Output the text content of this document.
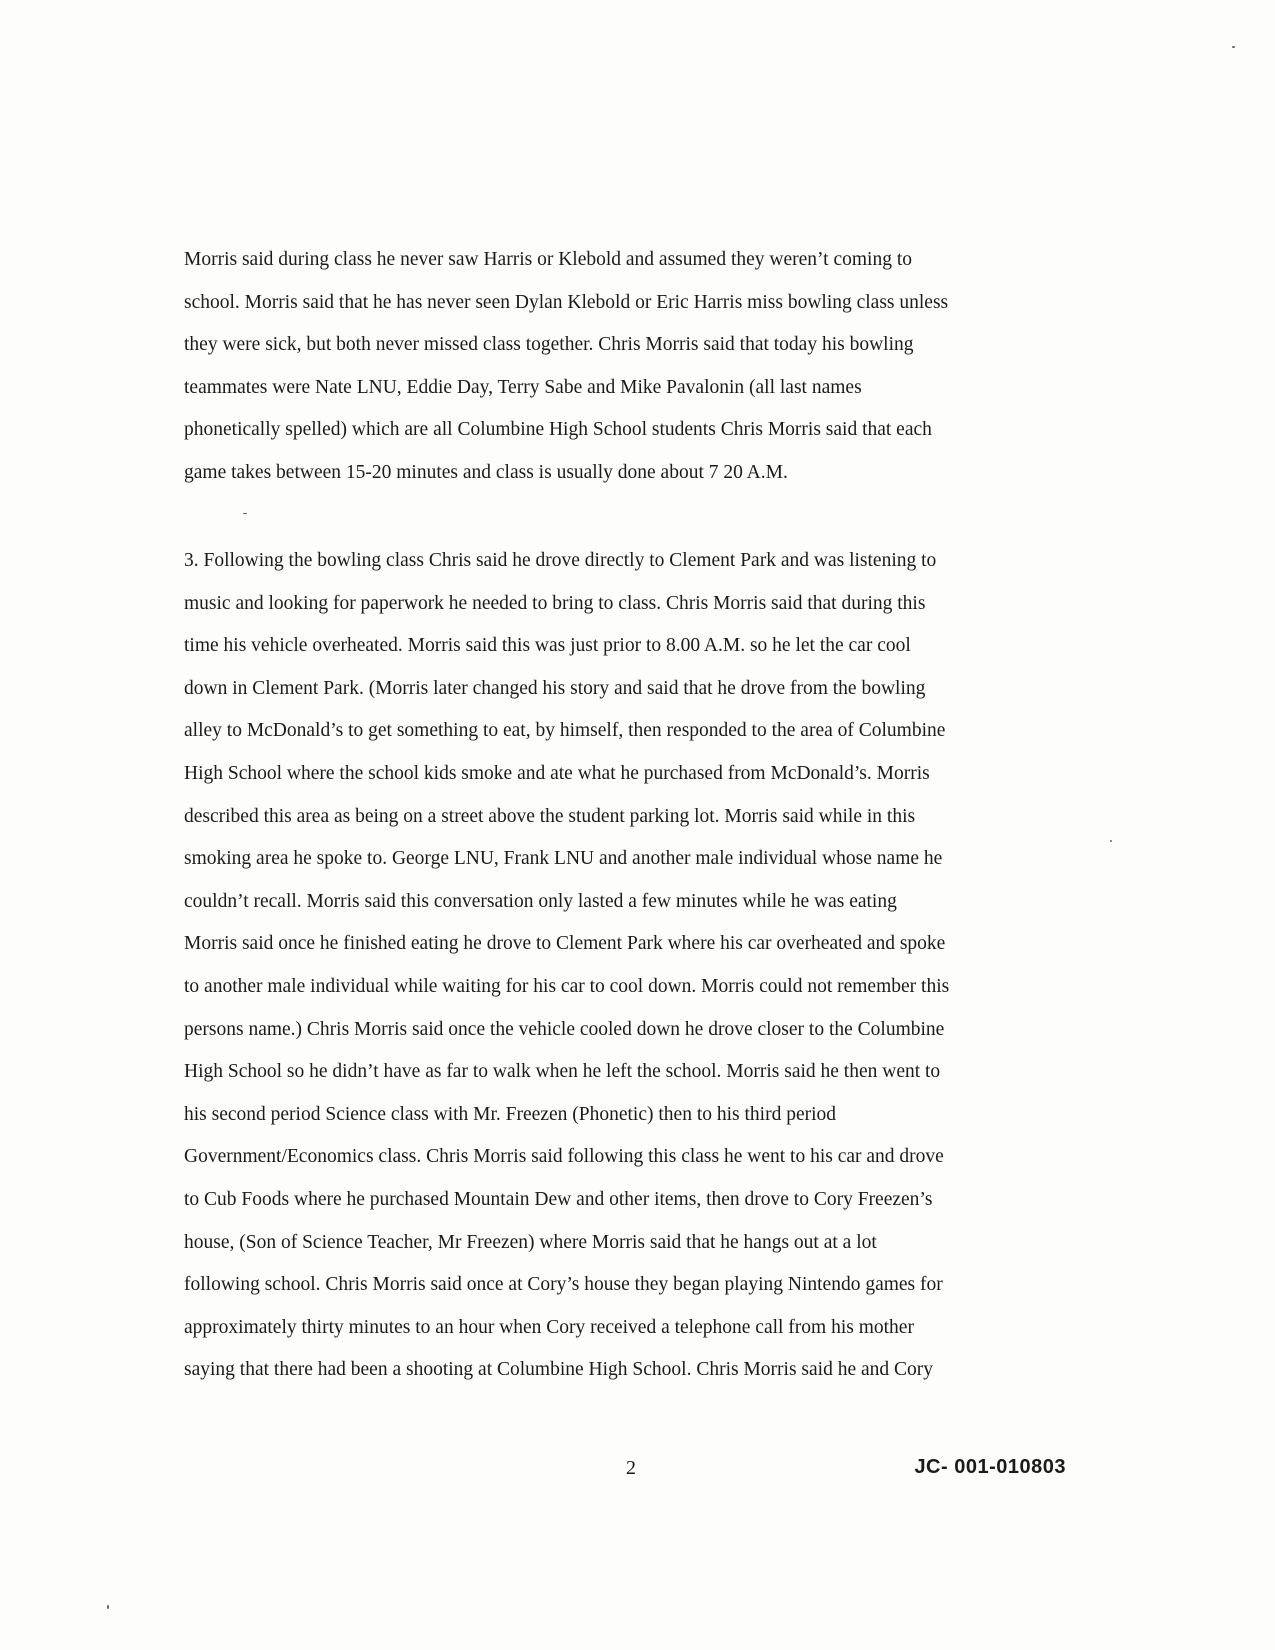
Morris said during class he never saw Harris or Klebold and assumed they weren’t coming to
school. Morris said that he has never seen Dylan Klebold or Eric Harris miss bowling class unless
they were sick, but both never missed class together. Chris Morris said that today his bowling
teammates were Nate LNU, Eddie Day, Terry Sabe and Mike Pavalonin (all last names
phonetically spelled) which are all Columbine High School students Chris Morris said that each
game takes between 15-20 minutes and class is usually done about 7 20 A.M.
3. Following the bowling class Chris said he drove directly to Clement Park and was listening to
music and looking for paperwork he needed to bring to class. Chris Morris said that during this
time his vehicle overheated. Morris said this was just prior to 8.00 A.M. so he let the car cool
down in Clement Park. (Morris later changed his story and said that he drove from the bowling
alley to McDonald’s to get something to eat, by himself, then responded to the area of Columbine
High School where the school kids smoke and ate what he purchased from McDonald’s. Morris
described this area as being on a street above the student parking lot. Morris said while in this
smoking area he spoke to. George LNU, Frank LNU and another male individual whose name he
couldn’t recall. Morris said this conversation only lasted a few minutes while he was eating
Morris said once he finished eating he drove to Clement Park where his car overheated and spoke
to another male individual while waiting for his car to cool down. Morris could not remember this
persons name.) Chris Morris said once the vehicle cooled down he drove closer to the Columbine
High School so he didn’t have as far to walk when he left the school. Morris said he then went to
his second period Science class with Mr. Freezen (Phonetic) then to his third period
Government/Economics class. Chris Morris said following this class he went to his car and drove
to Cub Foods where he purchased Mountain Dew and other items, then drove to Cory Freezen’s
house, (Son of Science Teacher, Mr Freezen) where Morris said that he hangs out at a lot
following school. Chris Morris said once at Cory’s house they began playing Nintendo games for
approximately thirty minutes to an hour when Cory received a telephone call from his mother
saying that there had been a shooting at Columbine High School. Chris Morris said he and Cory
2	JC- 001-010803
